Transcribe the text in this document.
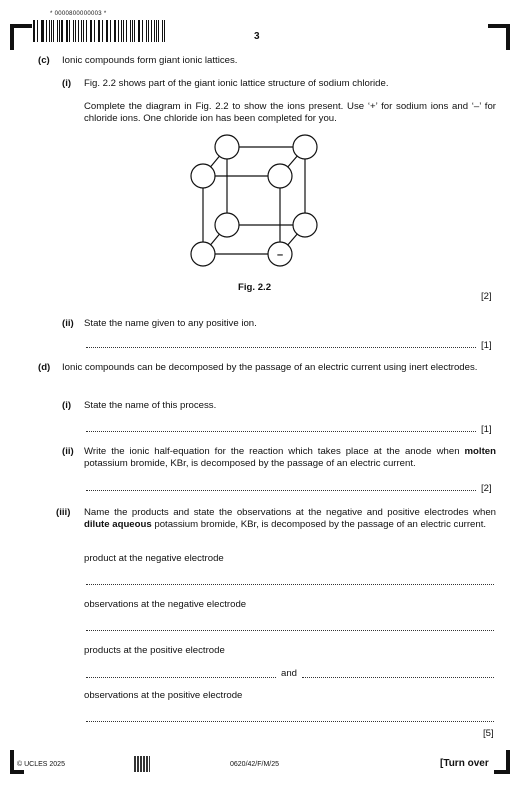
* 0000800000003 *
3
(c) Ionic compounds form giant ionic lattices.
(i) Fig. 2.2 shows part of the giant ionic lattice structure of sodium chloride.
Complete the diagram in Fig. 2.2 to show the ions present. Use ‘+’ for sodium ions and ‘–’ for chloride ions. One chloride ion has been completed for you.
–
Fig. 2.2
[2]
(ii) State the name given to any positive ion.
[1]
(d) Ionic compounds can be decomposed by the passage of an electric current using inert electrodes.
(i) State the name of this process.
[1]
(ii) Write the ionic half-equation for the reaction which takes place at the anode when molten potassium bromide, KBr, is decomposed by the passage of an electric current.
[2]
(iii) Name the products and state the observations at the negative and positive electrodes when dilute aqueous potassium bromide, KBr, is decomposed by the passage of an electric current.
product at the negative electrode
observations at the negative electrode
products at the positive electrode
and
observations at the positive electrode
[5]
© UCLES 2025	0620/42/F/M/25	[Turn over
